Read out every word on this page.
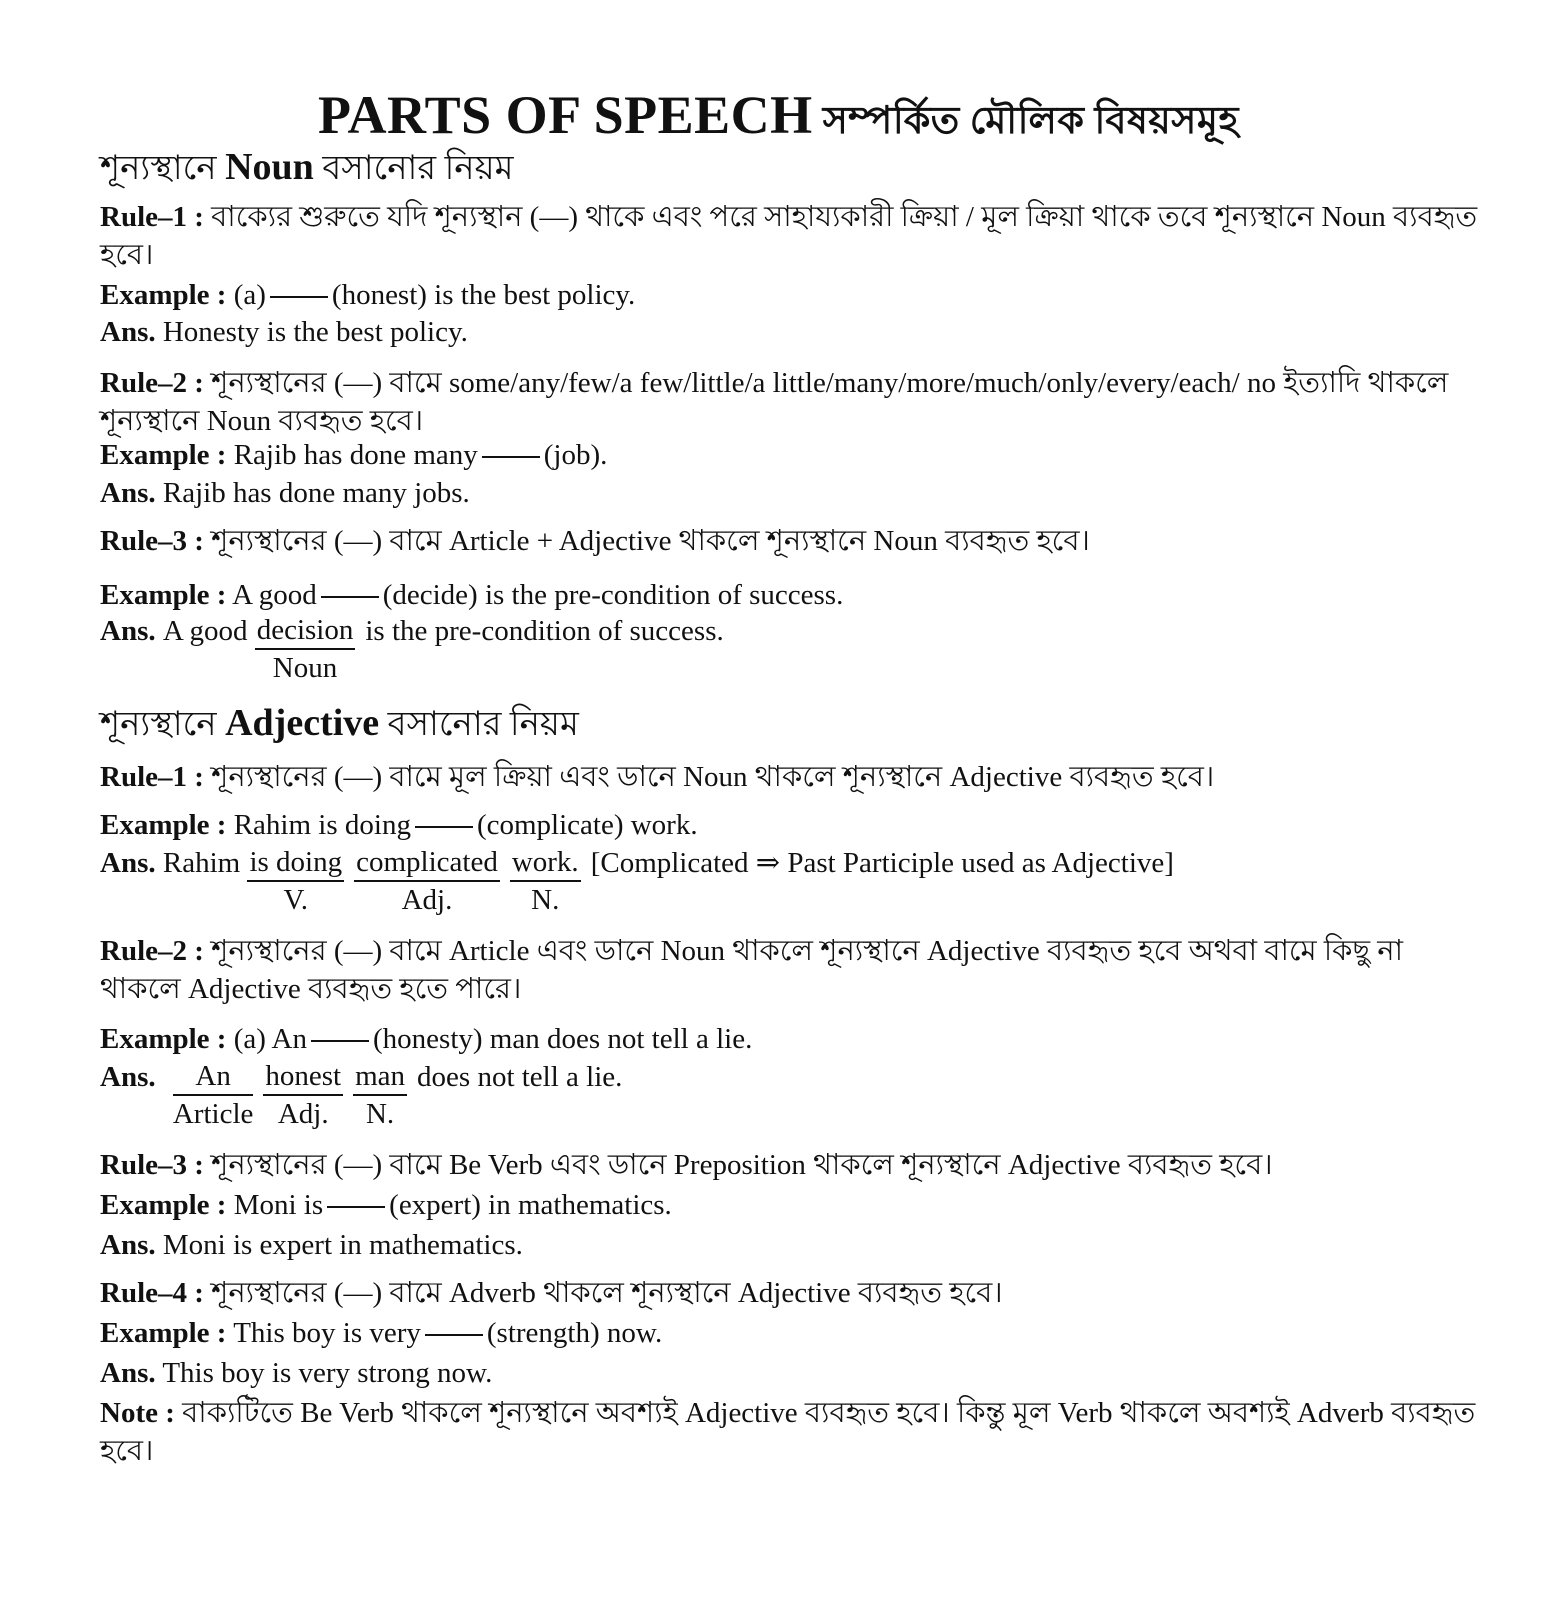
PARTS OF SPEECH সম্পর্কিত মৌলিক বিষয়সমূহ
শূন্যস্থানে Noun বসানোর নিয়ম
Rule–1 : বাক্যের শুরুতে যদি শূন্যস্থান (—) থাকে এবং পরে সাহায্যকারী ক্রিয়া / মূল ক্রিয়া থাকে তবে শূন্যস্থানে Noun ব্যবহৃত হবে।
Example : (a) (honest) is the best policy.
Ans. Honesty is the best policy.
Rule–2 : শূন্যস্থানের (—) বামে some/any/few/a few/little/a little/many/more/much/only/every/each/ no ইত্যাদি থাকলে শূন্যস্থানে Noun ব্যবহৃত হবে।
Example : Rajib has done many (job).
Ans. Rajib has done many jobs.
Rule–3 : শূন্যস্থানের (—) বামে Article + Adjective থাকলে শূন্যস্থানে Noun ব্যবহৃত হবে।
Example : A good (decide) is the pre-condition of success.
Ans. A good decision
Noun
is the pre-condition of success.
শূন্যস্থানে Adjective বসানোর নিয়ম
Rule–1 : শূন্যস্থানের (—) বামে মূল ক্রিয়া এবং ডানে Noun থাকলে শূন্যস্থানে Adjective ব্যবহৃত হবে।
Example : Rahim is doing (complicate) work.
Ans. Rahim is doing
V.
complicated
Adj.
work.
N.
[Complicated ⇒ Past Participle used as Adjective]
Rule–2 : শূন্যস্থানের (—) বামে Article এবং ডানে Noun থাকলে শূন্যস্থানে Adjective ব্যবহৃত হবে অথবা বামে কিছু না থাকলে Adjective ব্যবহৃত হতে পারে।
Example : (a) An (honesty) man does not tell a lie.
Ans.	An
Article
honest
Adj.
man
N.
does not tell a lie.
Rule–3 : শূন্যস্থানের (—) বামে Be Verb এবং ডানে Preposition থাকলে শূন্যস্থানে Adjective ব্যবহৃত হবে।
Example : Moni is (expert) in mathematics.
Ans. Moni is expert in mathematics.
Rule–4 : শূন্যস্থানের (—) বামে Adverb থাকলে শূন্যস্থানে Adjective ব্যবহৃত হবে।
Example : This boy is very (strength) now.
Ans. This boy is very strong now.
Note : বাক্যটিতে Be Verb থাকলে শূন্যস্থানে অবশ্যই Adjective ব্যবহৃত হবে। কিন্তু মূল Verb থাকলে অবশ্যই Adverb ব্যবহৃত হবে।
